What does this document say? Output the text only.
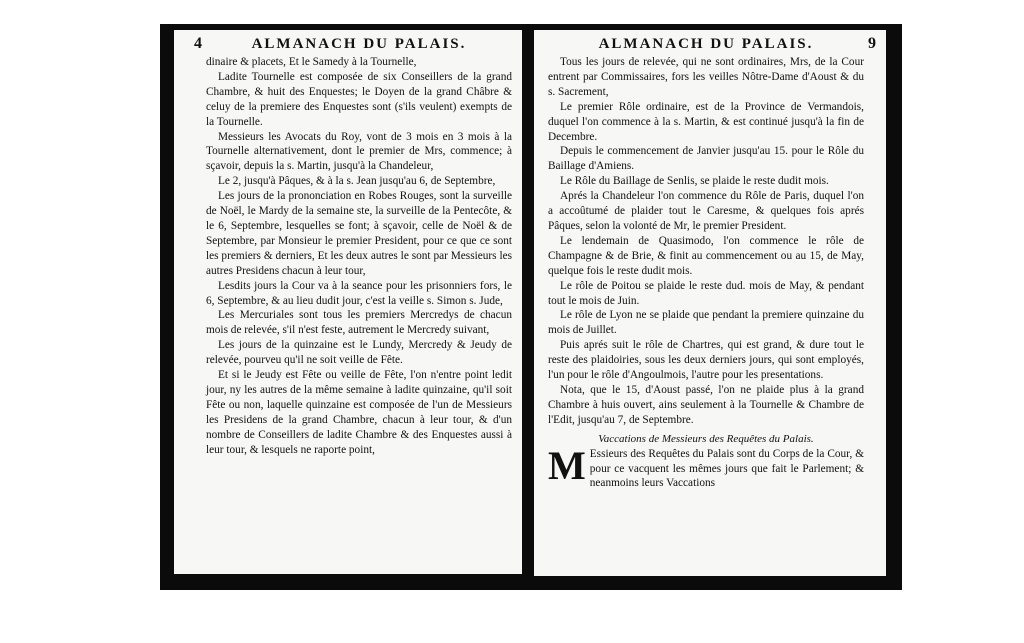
4	ALMANACH DU PALAIS.

dinaire & placets, Et le Samedy à la Tournelle,

Ladite Tournelle est composée de six Conseillers de la grand Chambre, & huit des Enquestes; le Doyen de la grand Châbre & celuy de la premiere des Enquestes sont (s'ils veulent) exempts de la Tournelle.

Messieurs les Avocats du Roy, vont de 3 mois en 3 mois à la Tournelle alternativement, dont le premier de Mrs, commence; à sçavoir, depuis la s. Martin, jusqu'à la Chandeleur,

Le 2, jusqu'à Pâques, & à la s. Jean jusqu'au 6, de Septembre,

Les jours de la prononciation en Robes Rouges, sont la surveille de Noël, le Mardy de la semaine ste, la surveille de la Pentecôte, & le 6, Septembre, lesquelles se font; à sçavoir, celle de Noël & de Septembre, par Monsieur le premier President, pour ce que ce sont les premiers & derniers, Et les deux autres le sont par Messieurs les autres Presidens chacun à leur tour,

Lesdits jours la Cour va à la seance pour les prisonniers fors, le 6, Septembre, & au lieu dudit jour, c'est la veille s. Simon s. Jude,

Les Mercuriales sont tous les premiers Mercredys de chacun mois de relevée, s'il n'est feste, autrement le Mercredy suivant,

Les jours de la quinzaine est le Lundy, Mercredy & Jeudy de relevée, pourveu qu'il ne soit veille de Fête.

Et si le Jeudy est Fête ou veille de Fête, l'on n'entre point ledit jour, ny les autres de la même semaine à ladite quinzaine, qu'il soit Fête ou non, laquelle quinzaine est composée de l'un de Messieurs les Presidens de la grand Chambre, chacun à leur tour, & d'un nombre de Conseillers de ladite Chambre & des Enquestes aussi à leur tour, & lesquels ne raporte point,

ALMANACH DU PALAIS.	9

Tous les jours de relevée, qui ne sont ordinaires, Mrs, de la Cour entrent par Commissaires, fors les veilles Nôtre-Dame d'Aoust & du s. Sacrement,

Le premier Rôle ordinaire, est de la Province de Vermandois, duquel l'on commence à la s. Martin, & est continué jusqu'à la fin de Decembre.

Depuis le commencement de Janvier jusqu'au 15. pour le Rôle du Baillage d'Amiens.

Le Rôle du Baillage de Senlis, se plaide le reste dudit mois.

Aprés la Chandeleur l'on commence du Rôle de Paris, duquel l'on a accoûtumé de plaider tout le Caresme, & quelques fois aprés Pâques, selon la volonté de Mr, le premier President.

Le lendemain de Quasimodo, l'on commence le rôle de Champagne & de Brie, & finit au commencement ou au 15, de May, quelque fois le reste dudit mois.

Le rôle de Poitou se plaide le reste dud. mois de May, & pendant tout le mois de Juin.

Le rôle de Lyon ne se plaide que pendant la premiere quinzaine du mois de Juillet.

Puis aprés suit le rôle de Chartres, qui est grand, & dure tout le reste des plaidoiries, sous les deux derniers jours, qui sont employés, l'un pour le rôle d'Angoulmois, l'autre pour les presentations.

Nota, que le 15, d'Aoust passé, l'on ne plaide plus à la grand Chambre à huis ouvert, ains seulement à la Tournelle & Chambre de l'Edit, jusqu'au 7, de Septembre.

Vaccations de Messieurs des Requêtes du Palais.

M Essieurs des Requêtes du Palais sont du Corps de la Cour, & pour ce vacquent les mêmes jours que fait le Parlement; & neanmoins leurs Vaccations
